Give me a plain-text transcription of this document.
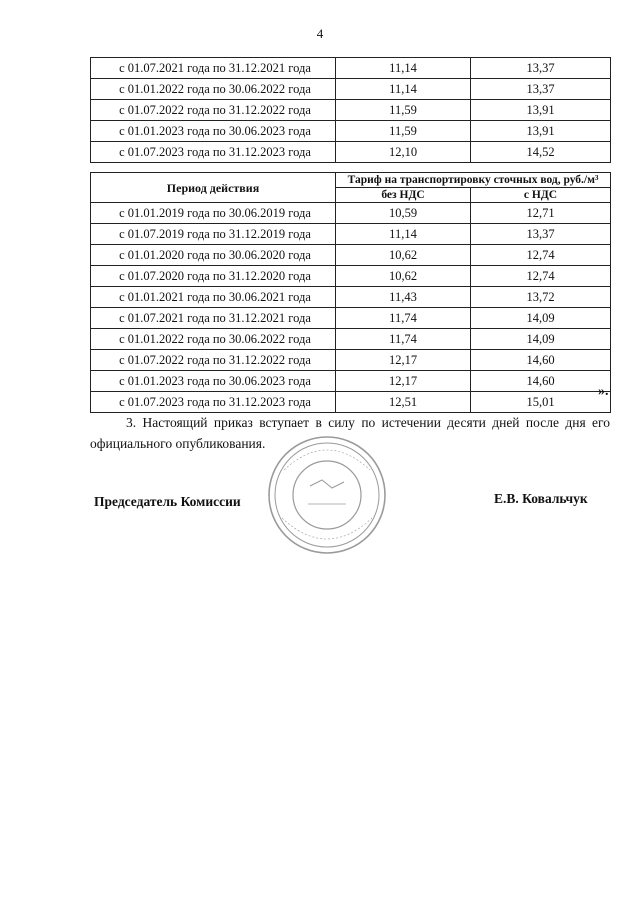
4
с 01.07.2021 года по 31.12.2021 года	11,14	13,37
с 01.01.2022 года по 30.06.2022 года	11,14	13,37
с 01.07.2022 года по 31.12.2022 года	11,59	13,91
с 01.01.2023 года по 30.06.2023 года	11,59	13,91
с 01.07.2023 года по 31.12.2023 года	12,10	14,52
Период действия	Тариф на транспортировку сточных вод, руб./м³	
	без НДС	с НДС
с 01.01.2019 года по 30.06.2019 года	10,59	12,71
с 01.07.2019 года по 31.12.2019 года	11,14	13,37
с 01.01.2020 года по 30.06.2020 года	10,62	12,74
с 01.07.2020 года по 31.12.2020 года	10,62	12,74
с 01.01.2021 года по 30.06.2021 года	11,43	13,72
с 01.07.2021 года по 31.12.2021 года	11,74	14,09
с 01.01.2022 года по 30.06.2022 года	11,74	14,09
с 01.07.2022 года по 31.12.2022 года	12,17	14,60
с 01.01.2023 года по 30.06.2023 года	12,17	14,60
с 01.07.2023 года по 31.12.2023 года	12,51	15,01
».
3. Настоящий приказ вступает в силу по истечении десяти дней после дня его
официального опубликования.
Председатель Комиссии	Е.В. Ковальчук
